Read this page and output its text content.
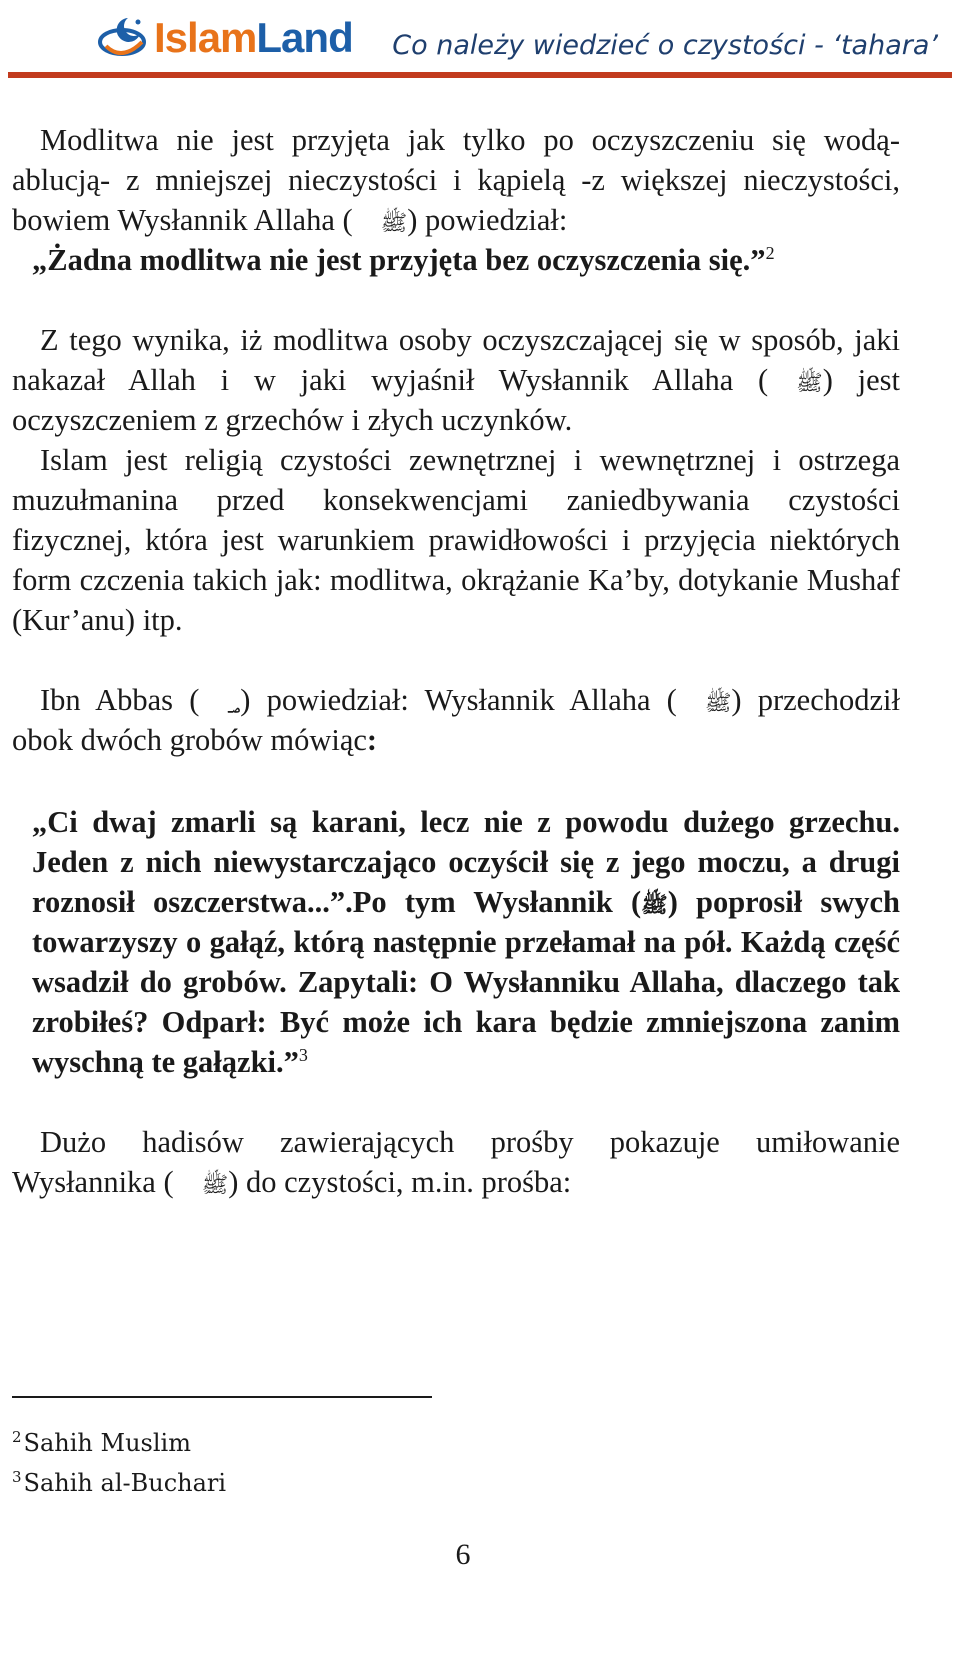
IslamLand Co należy wiedzieć o czystości - ‘tahara’

Modlitwa nie jest przyjęta jak tylko po oczyszczeniu się wodą- ablucją- z mniejszej nieczystości i kąpielą -z większej nieczystości, bowiem Wysłannik Allaha ( ﷺ) powiedział:

„Żadna modlitwa nie jest przyjęta bez oczyszczenia się.”$^2$

Z tego wynika, iż modlitwa osoby oczyszczającej się w sposób, jaki nakazał Allah i w jaki wyjaśnił Wysłannik Allaha ( ﷺ) jest oczyszczeniem z grzechów i złych uczynków.

Islam jest religią czystości zewnętrznej i wewnętrznej i ostrzega muzułmanina przed konsekwencjami zaniedbywania czystości fizycznej, która jest warunkiem prawidłowości i przyjęcia niektórych form czczenia takich jak: modlitwa, okrążanie Ka’by, dotykanie Mushaf (Kur’anu) itp.

Ibn Abbas ( ؃) powiedział: Wysłannik Allaha ( ﷺ) przechodził obok dwóch grobów mówiąc:

„Ci dwaj zmarli są karani, lecz nie z powodu dużego grzechu. Jeden z nich niewystarczająco oczyścił się z jego moczu, a drugi roznosił oszczerstwa...”.Po tym Wysłannik (ﷺ) poprosił swych towarzyszy o gałąź, którą następnie przełamał na pół. Każdą część wsadził do grobów. Zapytali: O Wysłanniku Allaha, dlaczego tak zrobiłeś? Odparł: Być może ich kara będzie zmniejszona zanim wyschną te gałązki.”$^3$

Dużo hadisów zawierających prośby pokazuje umiłowanie Wysłannika ( ﷺ) do czystości, m.in. prośba:

$^2$Sahih Muslim
$^3$Sahih al-Buchari
6
